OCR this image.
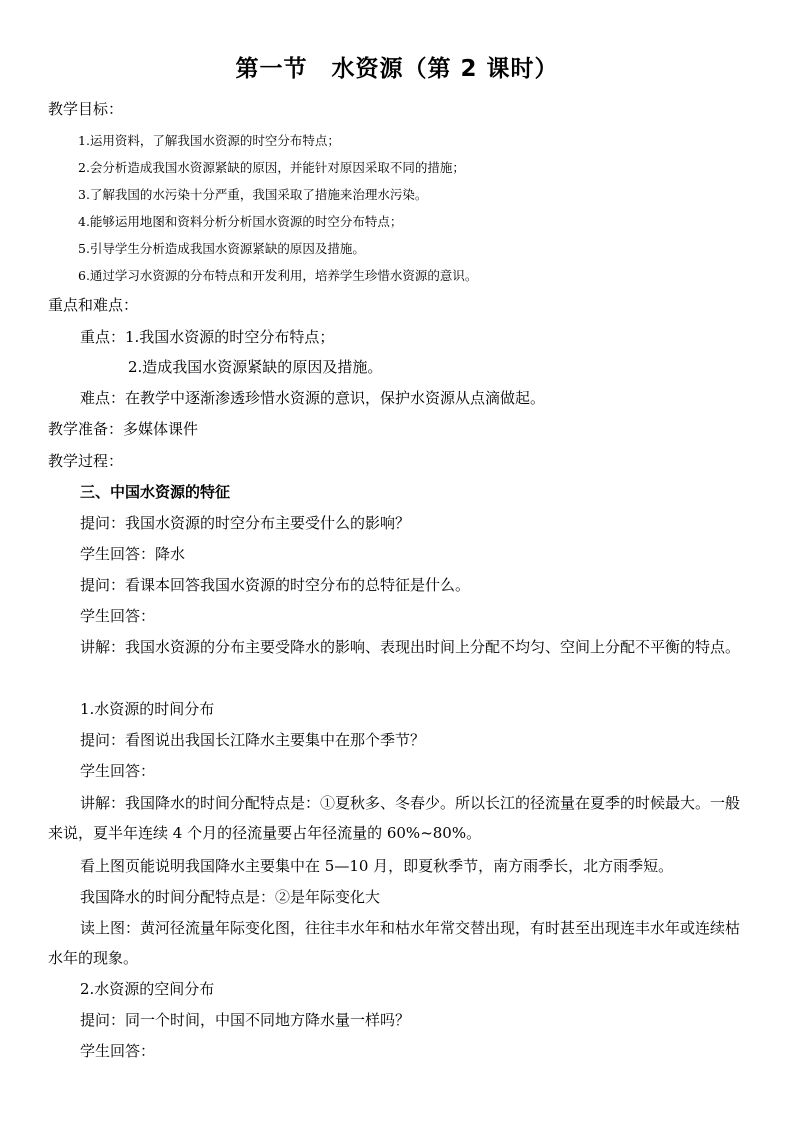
第一节　水资源（第 2 课时）
教学目标：
1.运用资料，了解我国水资源的时空分布特点；
2.会分析造成我国水资源紧缺的原因，并能针对原因采取不同的措施；
3.了解我国的水污染十分严重，我国采取了措施来治理水污染。
4.能够运用地图和资料分析分析国水资源的时空分布特点；
5.引导学生分析造成我国水资源紧缺的原因及措施。
6.通过学习水资源的分布特点和开发利用，培养学生珍惜水资源的意识。
重点和难点：
重点：1.我国水资源的时空分布特点；
2.造成我国水资源紧缺的原因及措施。
难点：在教学中逐渐渗透珍惜水资源的意识，保护水资源从点滴做起。
教学准备：多媒体课件
教学过程：
三、中国水资源的特征
提问：我国水资源的时空分布主要受什么的影响？
学生回答：降水
提问：看课本回答我国水资源的时空分布的总特征是什么。
学生回答：
讲解：我国水资源的分布主要受降水的影响、表现出时间上分配不均匀、空间上分配不平衡的特点。
1.水资源的时间分布
提问：看图说出我国长江降水主要集中在那个季节？
学生回答：
讲解：我国降水的时间分配特点是：①夏秋多、冬春少。所以长江的径流量在夏季的时候最大。一般来说，夏半年连续 4 个月的径流量要占年径流量的 60%~80%。
看上图页能说明我国降水主要集中在 5—10 月，即夏秋季节，南方雨季长，北方雨季短。
我国降水的时间分配特点是：②是年际变化大
读上图：黄河径流量年际变化图，往往丰水年和枯水年常交替出现，有时甚至出现连丰水年或连续枯水年的现象。
2.水资源的空间分布
提问：同一个时间，中国不同地方降水量一样吗？
学生回答：
